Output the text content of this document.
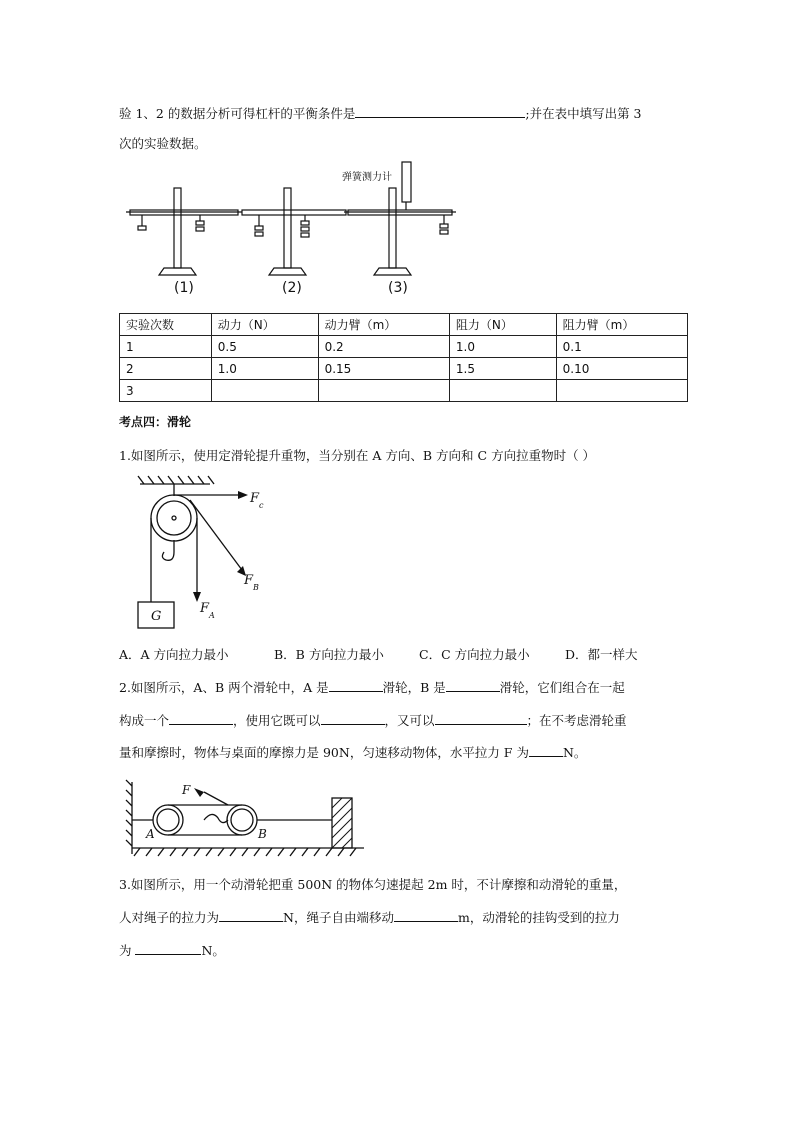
验 1、2 的数据分析可得杠杆的平衡条件是	;并在表中填写出第 3
次的实验数据。
弹簧测力计
(1)	(2)	(3)
实验次数	动力（N）	动力臂（m）	阻力（N）	阻力臂（m）
1	0.5	0.2	1.0	0.1
2	1.0	0.15	1.5	0.10
3				
考点四：滑轮
1.如图所示，使用定滑轮提升重物，当分别在 A 方向、B 方向和 C 方向拉重物时（ ）
F c
F B
F A
G
A．A 方向拉力最小	B．B 方向拉力最小	C．C 方向拉力最小	D．都一样大
2.如图所示，A、B 两个滑轮中，A 是	滑轮，B 是	滑轮，它们组合在一起
构成一个	，使用它既可以	，又可以	；在不考虑滑轮重
量和摩擦时，物体与桌面的摩擦力是 90N，匀速移动物体，水平拉力 F 为	N。
F
A	B
3.如图所示，用一个动滑轮把重 500N 的物体匀速提起 2m 时，不计摩擦和动滑轮的重量，
人对绳子的拉力为	N，绳子自由端移动	m，动滑轮的挂钩受到的拉力
为	N。
